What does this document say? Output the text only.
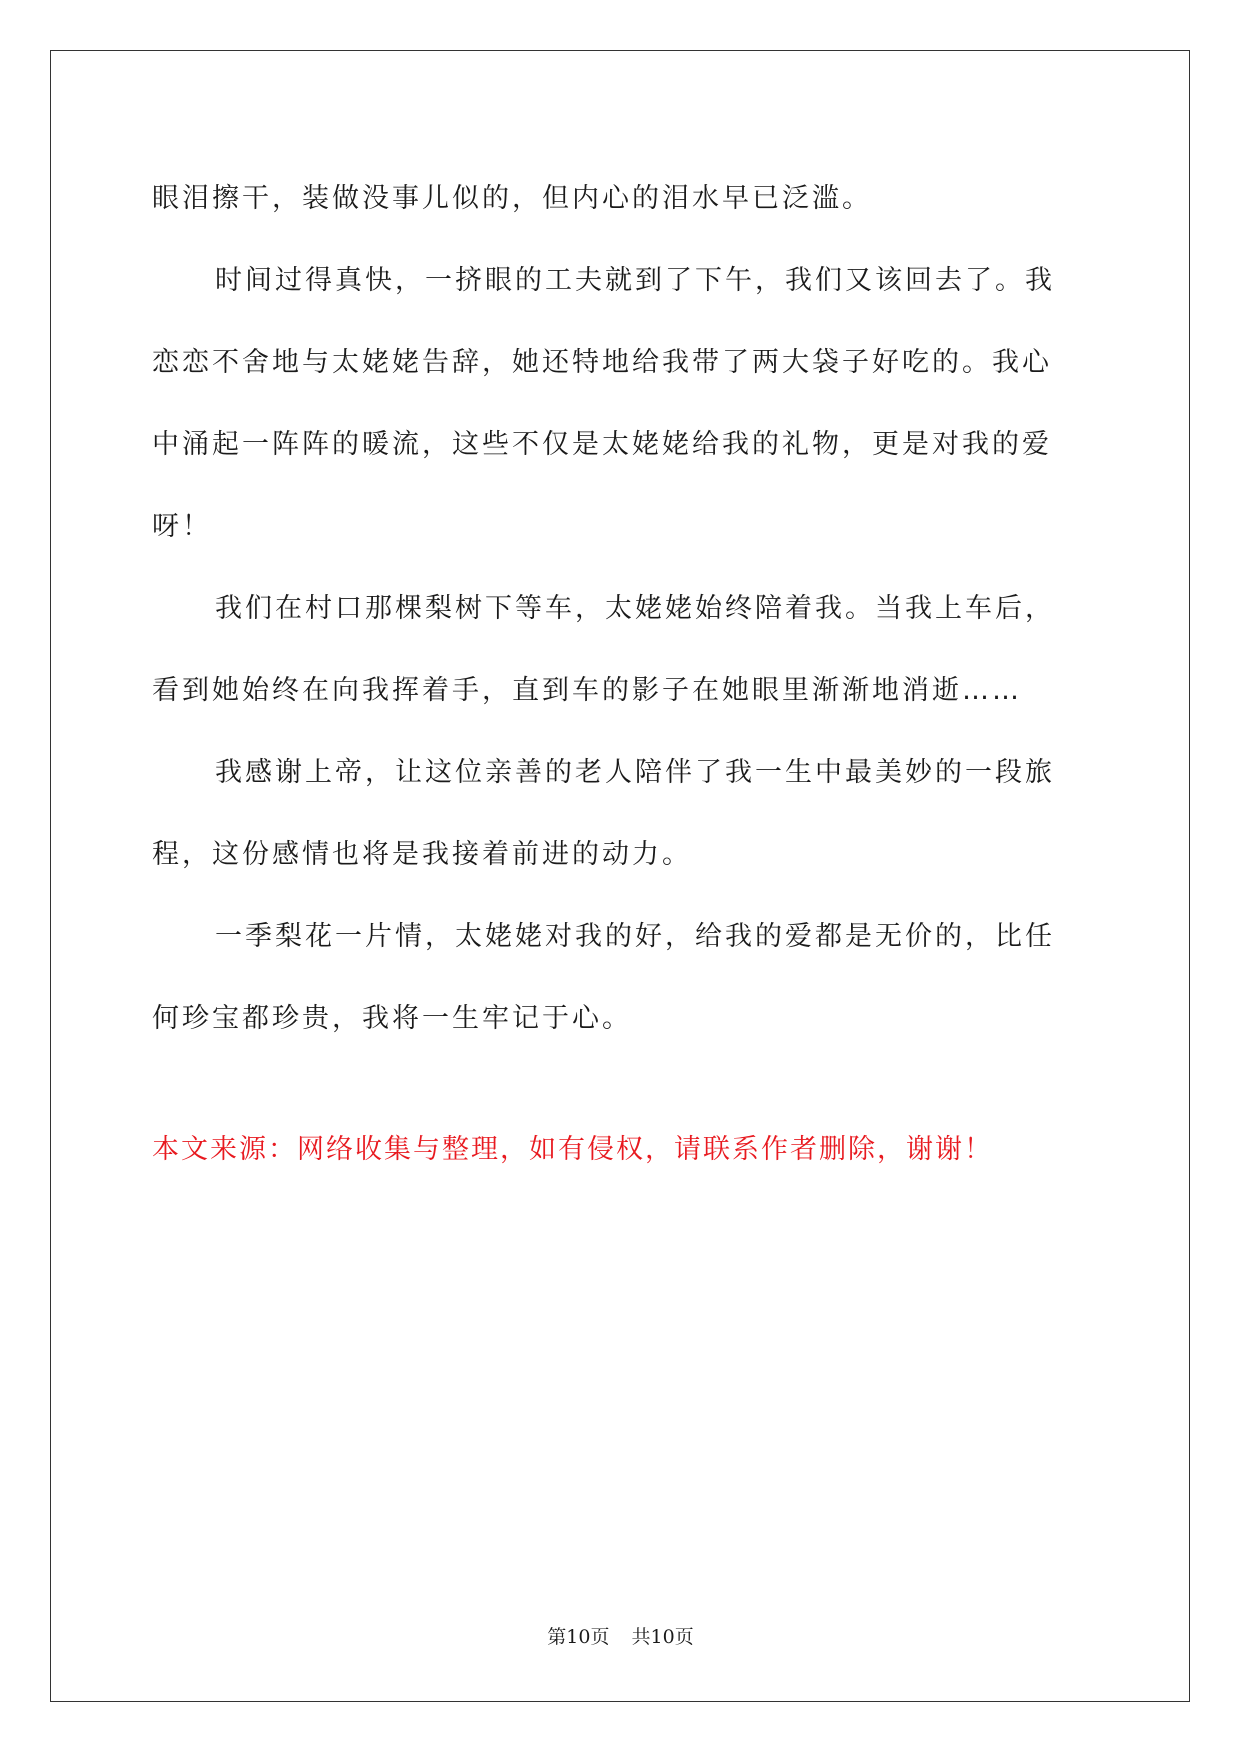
眼泪擦干，装做没事儿似的，但内心的泪水早已泛滥。
时间过得真快，一挤眼的工夫就到了下午，我们又该回去了。我
恋恋不舍地与太姥姥告辞，她还特地给我带了两大袋子好吃的。我心
中涌起一阵阵的暖流，这些不仅是太姥姥给我的礼物，更是对我的爱
呀！
我们在村口那棵梨树下等车，太姥姥始终陪着我。当我上车后，
看到她始终在向我挥着手，直到车的影子在她眼里渐渐地消逝……
我感谢上帝，让这位亲善的老人陪伴了我一生中最美妙的一段旅
程，这份感情也将是我接着前进的动力。
一季梨花一片情，太姥姥对我的好，给我的爱都是无价的，比任
何珍宝都珍贵，我将一生牢记于心。
本文来源：网络收集与整理，如有侵权，请联系作者删除，谢谢！
第10页 共10页
